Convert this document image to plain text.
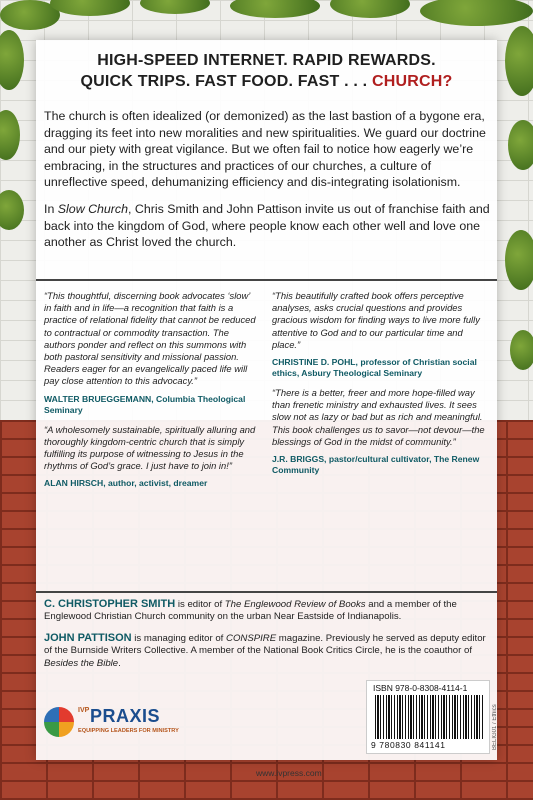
HIGH-SPEED INTERNET. RAPID REWARDS.
QUICK TRIPS. FAST FOOD. FAST . . . CHURCH?

The church is often idealized (or demonized) as the last bastion of a bygone era, dragging its feet into new moralities and new spiritualities. We guard our doctrine and our piety with great vigilance. But we often fail to notice how eagerly we’re embracing, in the structures and practices of our churches, a culture of unreflective speed, dehumanizing efficiency and dis-integrating isolationism.

In Slow Church, Chris Smith and John Pattison invite us out of franchise faith and back into the kingdom of God, where people know each other well and love one another as Christ loved the church.

“This thoughtful, discerning book advocates ‘slow’ in faith and in life—a recognition that faith is a practice of relational fidelity that cannot be reduced to contractual or commodity transaction. The authors ponder and reflect on this summons with both pastoral sensitivity and missional passion. Readers eager for an evangelically paced life will pay close attention to this advocacy.”
WALTER BRUEGGEMANN, Columbia Theological Seminary
“A wholesomely sustainable, spiritually alluring and thoroughly kingdom-centric church that is simply fulfilling its purpose of witnessing to Jesus in the rhythms of God’s grace. I just have to join in!”
ALAN HIRSCH, author, activist, dreamer
“This beautifully crafted book offers perceptive analyses, asks crucial questions and provides gracious wisdom for finding ways to live more fully attentive to God and to our particular time and place.”
CHRISTINE D. POHL, professor of Christian social ethics, Asbury Theological Seminary
“There is a better, freer and more hope-filled way than frenetic ministry and exhausted lives. It sees slow not as lazy or bad but as rich and meaningful. This book challenges us to savor—not devour—the blessings of God in the midst of community.”
J.R. BRIGGS, pastor/cultural cultivator, The Renew Community
C. CHRISTOPHER SMITH is editor of The Englewood Review of Books and a member of the Englewood Christian Church community on the urban Near Eastside of Indianapolis.
JOHN PATTISON is managing editor of CONSPIRE magazine. Previously he served as deputy editor of the Burnside Writers Collective. A member of the National Book Critics Circle, he is the coauthor of Besides the Bible.
ISBN 978-0-8308-4114-1
9 780830 841141	BELIG01 / Ethics
www.ivpress.com
IVP PRAXIS
EQUIPPING LEADERS FOR MINISTRY
